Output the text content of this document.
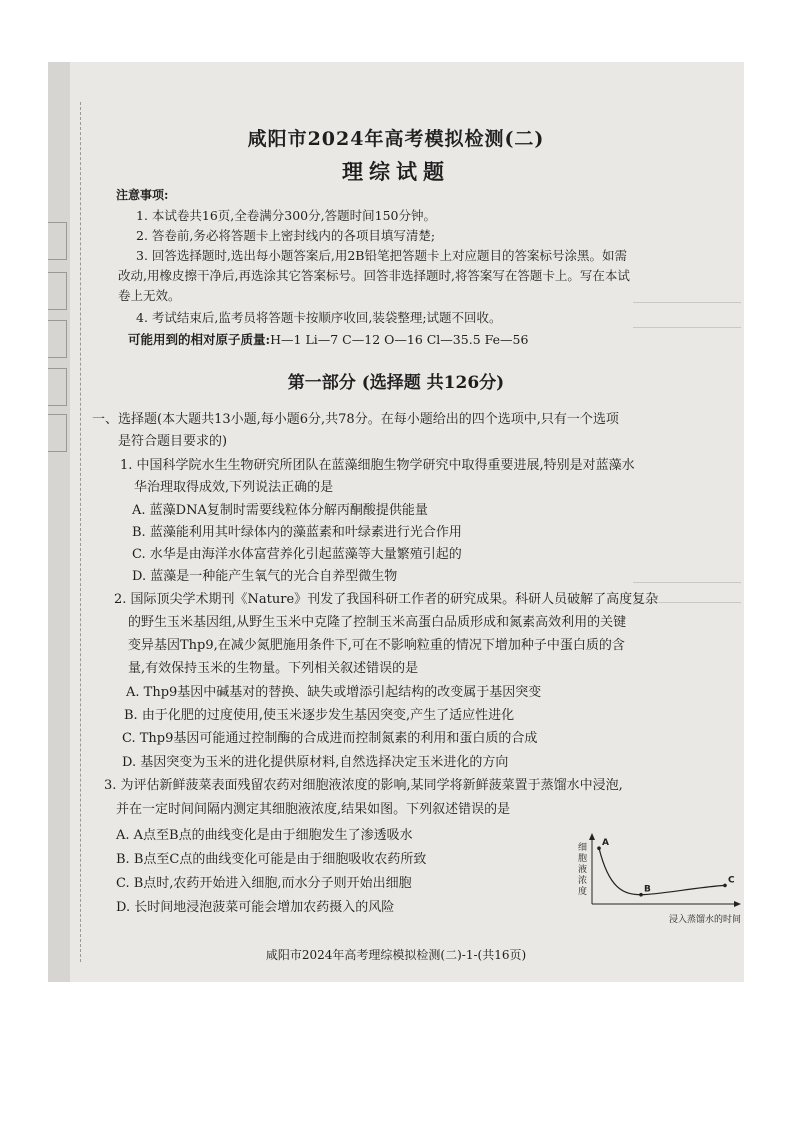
咸阳市2024年高考模拟检测(二)
理综试题
注意事项:
1. 本试卷共16页,全卷满分300分,答题时间150分钟。
2. 答卷前,务必将答题卡上密封线内的各项目填写清楚;
3. 回答选择题时,选出每小题答案后,用2B铅笔把答题卡上对应题目的答案标号涂黑。如需
改动,用橡皮擦干净后,再选涂其它答案标号。回答非选择题时,将答案写在答题卡上。写在本试
卷上无效。
4. 考试结束后,监考员将答题卡按顺序收回,装袋整理;试题不回收。
可能用到的相对原子质量:H—1 Li—7 C—12 O—16 Cl—35.5 Fe—56
第一部分 (选择题 共126分)
一、选择题(本大题共13小题,每小题6分,共78分。在每小题给出的四个选项中,只有一个选项
是符合题目要求的)
1. 中国科学院水生生物研究所团队在蓝藻细胞生物学研究中取得重要进展,特别是对蓝藻水
华治理取得成效,下列说法正确的是
A. 蓝藻DNA复制时需要线粒体分解丙酮酸提供能量
B. 蓝藻能利用其叶绿体内的藻蓝素和叶绿素进行光合作用
C. 水华是由海洋水体富营养化引起蓝藻等大量繁殖引起的
D. 蓝藻是一种能产生氧气的光合自养型微生物
2. 国际顶尖学术期刊《Nature》刊发了我国科研工作者的研究成果。科研人员破解了高度复杂
的野生玉米基因组,从野生玉米中克隆了控制玉米高蛋白品质形成和氮素高效利用的关键
变异基因Thp9,在减少氮肥施用条件下,可在不影响粒重的情况下增加种子中蛋白质的含
量,有效保持玉米的生物量。下列相关叙述错误的是
A. Thp9基因中碱基对的替换、缺失或增添引起结构的改变属于基因突变
B. 由于化肥的过度使用,使玉米逐步发生基因突变,产生了适应性进化
C. Thp9基因可能通过控制酶的合成进而控制氮素的利用和蛋白质的合成
D. 基因突变为玉米的进化提供原材料,自然选择决定玉米进化的方向
3. 为评估新鲜菠菜表面残留农药对细胞液浓度的影响,某同学将新鲜菠菜置于蒸馏水中浸泡,
并在一定时间间隔内测定其细胞液浓度,结果如图。下列叙述错误的是
A. A点至B点的曲线变化是由于细胞发生了渗透吸水
B. B点至C点的曲线变化可能是由于细胞吸收农药所致
C. B点时,农药开始进入细胞,而水分子则开始出细胞
D. 长时间地浸泡菠菜可能会增加农药摄入的风险
细胞液浓度
A
B
C
浸入蒸馏水的时间
咸阳市2024年高考理综模拟检测(二)-1-(共16页)
